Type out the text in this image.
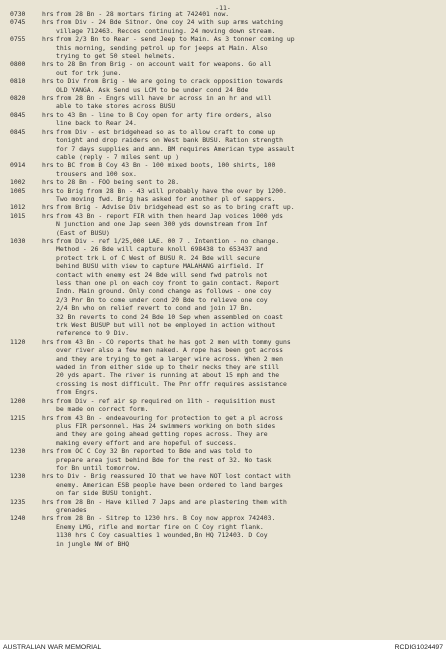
-11-
0730	hrs from 28 Bn - 28 mortars firing at 742401 now.
0745	hrs from Div - 24 Bde Sitnor. One coy 24 with sup arms watching
village 712463. Recces continuing. 24 moving down stream.
0755	hrs from 2/3 Bn to Rear - send Jeep to Main. As 3 tonner coming up
this morning, sending petrol up for jeeps at Main. Also
trying to get 50 steel helmets.
0800	hrs to 28 Bn from Brig - on account wait for weapons. Go all
out for trk june.
0810	hrs to Div from Brig - We are going to crack opposition towards
OLD YANGA. Ask Send us LCM to be under cond 24 Bde
0820	hrs from 28 Bn - Engrs will have br across in an hr and will
able to take stores across BUSU
0845	hrs to 43 Bn - line to B Coy open for arty fire orders, also
line back to Rear 24.
0845	hrs from Div - est bridgehead so as to allow craft to come up
tonight and drop raiders on West bank BUSU. Ration strength
for 7 days supplies and amn. BM requires American type assault
cable (reply - 7 miles sent up )
0914	hrs to BC from B Coy 43 Bn - 100 mixed boots, 100 shirts, 100
trousers and 100 sox.
1002	hrs to 28 Bn - FOO being sent to 28.
1005	hrs to Brig from 28 Bn - 43 will probably have the over by 1200.
Two moving fwd. Brig has asked for another pl of sappers.
1012	hrs from Brig - Advise Div bridgehead est so as to bring craft up.
1015	hrs from 43 Bn - report FIR with then heard Jap voices 1000 yds
N junction and one Jap seen 300 yds downstream from Inf
(East of BUSU)
1030	hrs from Div - ref 1/25,000 LAE. 00 7 . Intention - no change.
Method - 26 Bde will capture knoll 698438 to 653437 and
protect trk L of C West of BUSU R. 24 Bde will secure
behind BUSU with view to capture MALAHANG airfield. If
contact with enemy est 24 Bde will send fwd patrols not
less than one pl on each coy front to gain contact. Report
Indn. Main ground. Only cond change as follows - one coy
2/3 Pnr Bn to come under cond 20 Bde to relieve one coy
2/4 Bn who on relief revert to cond and join 17 Bn.
32 Bn reverts to cond 24 Bde 10 Sep when assembled on coast
trk West BUSUP but will not be employed in action without
reference to 9 Div.
1120	hrs from 43 Bn - CO reports that he has got 2 men with tommy guns
over river also a few men naked. A rope has been got across
and they are trying to get a larger wire across. When 2 men
waded in from either side up to their necks they are still
20 yds apart. The river is running at about 15 mph and the
crossing is most difficult. The Pnr offr requires assistance
from Engrs.
1200	hrs from Div - ref air sp required on 11th - requisition must
be made on correct form.
1215	hrs from 43 Bn - endeavouring for protection to get a pl across
plus FIR personnel. Has 24 swimmers working on both sides
and they are going ahead getting ropes across. They are
making every effort and are hopeful of success.
1230	hrs from OC C Coy 32 Bn reported to Bde and was told to
prepare area just behind Bde for the rest of 32. No task
for Bn until tomorrow.
1230	hrs to Div - Brig reassured IO that we have NOT lost contact with
enemy. American ESB people have been ordered to land barges
on far side BUSU tonight.
1235	hrs from 28 Bn - Have killed 7 Japs and are plastering them with
grenades
1240	hrs from 28 Bn - Sitrep to 1230 hrs. B Coy now approx 742403.
Enemy LMG, rifle and mortar fire on C Coy right flank.
1130 hrs C Coy casualties 1 wounded,Bn HQ 712403. D Coy
in jungle NW of BHQ
AUSTRALIAN WAR MEMORIAL	RCDIG1024497
